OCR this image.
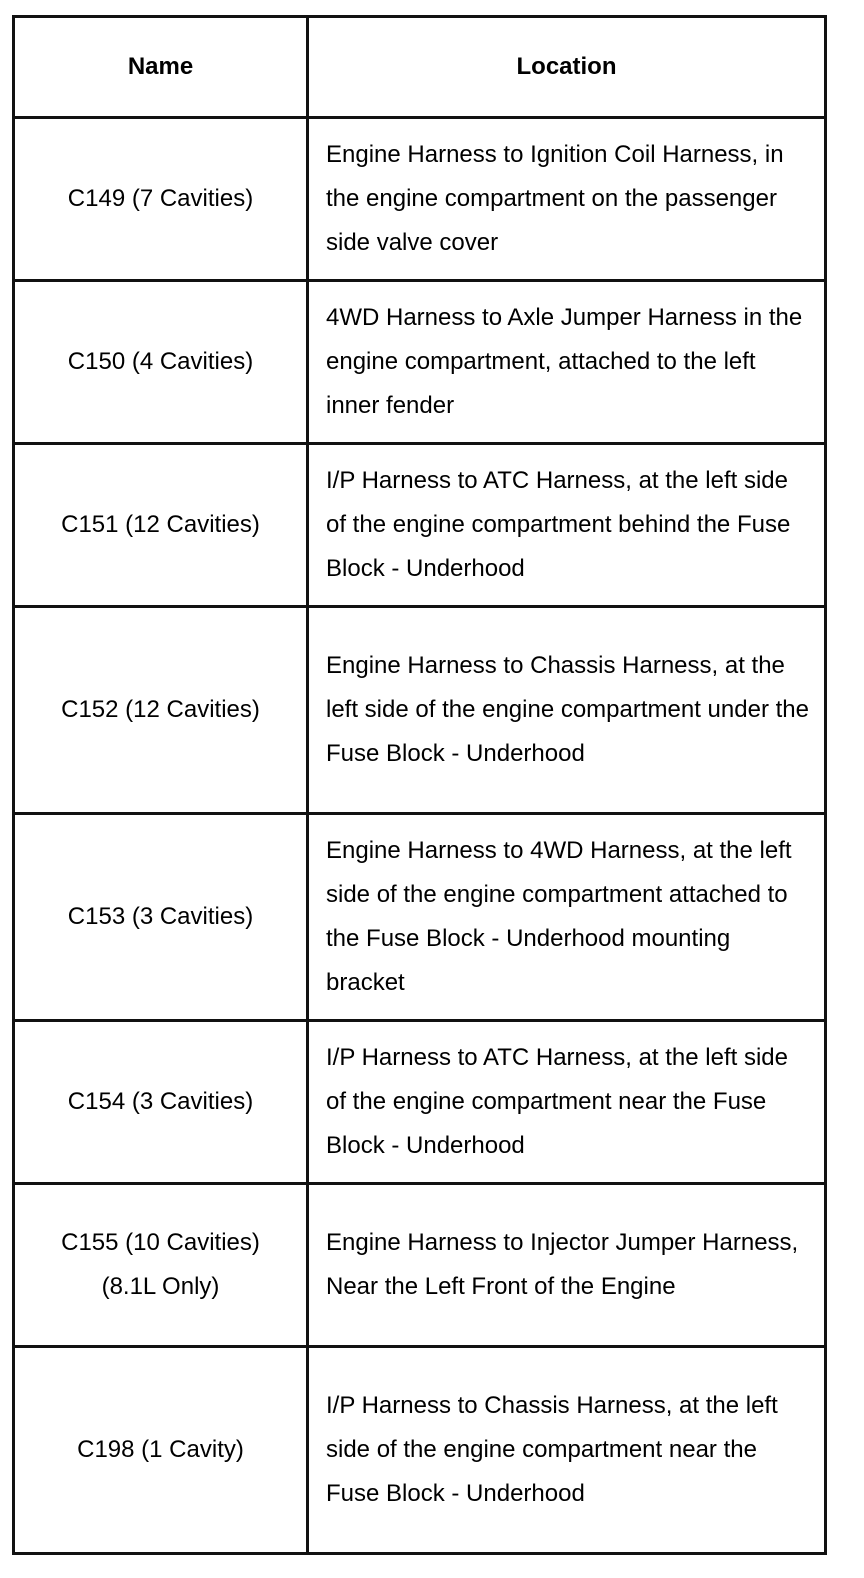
Name	Location

C149 (7 Cavities)	Engine Harness to Ignition Coil Harness, in the engine compartment on the passenger side valve cover

C150 (4 Cavities)	4WD Harness to Axle Jumper Harness in the engine compartment, attached to the left inner fender

C151 (12 Cavities)	I/P Harness to ATC Harness, at the left side of the engine compartment behind the Fuse Block - Underhood

C152 (12 Cavities)	Engine Harness to Chassis Harness, at the left side of the engine compartment under the Fuse Block - Underhood

C153 (3 Cavities)	Engine Harness to 4WD Harness, at the left side of the engine compartment attached to the Fuse Block - Underhood mounting bracket

C154 (3 Cavities)	I/P Harness to ATC Harness, at the left side of the engine compartment near the Fuse Block - Underhood

C155 (10 Cavities)
(8.1L Only)	Engine Harness to Injector Jumper Harness, Near the Left Front of the Engine

C198 (1 Cavity)	I/P Harness to Chassis Harness, at the left side of the engine compartment near the Fuse Block - Underhood
